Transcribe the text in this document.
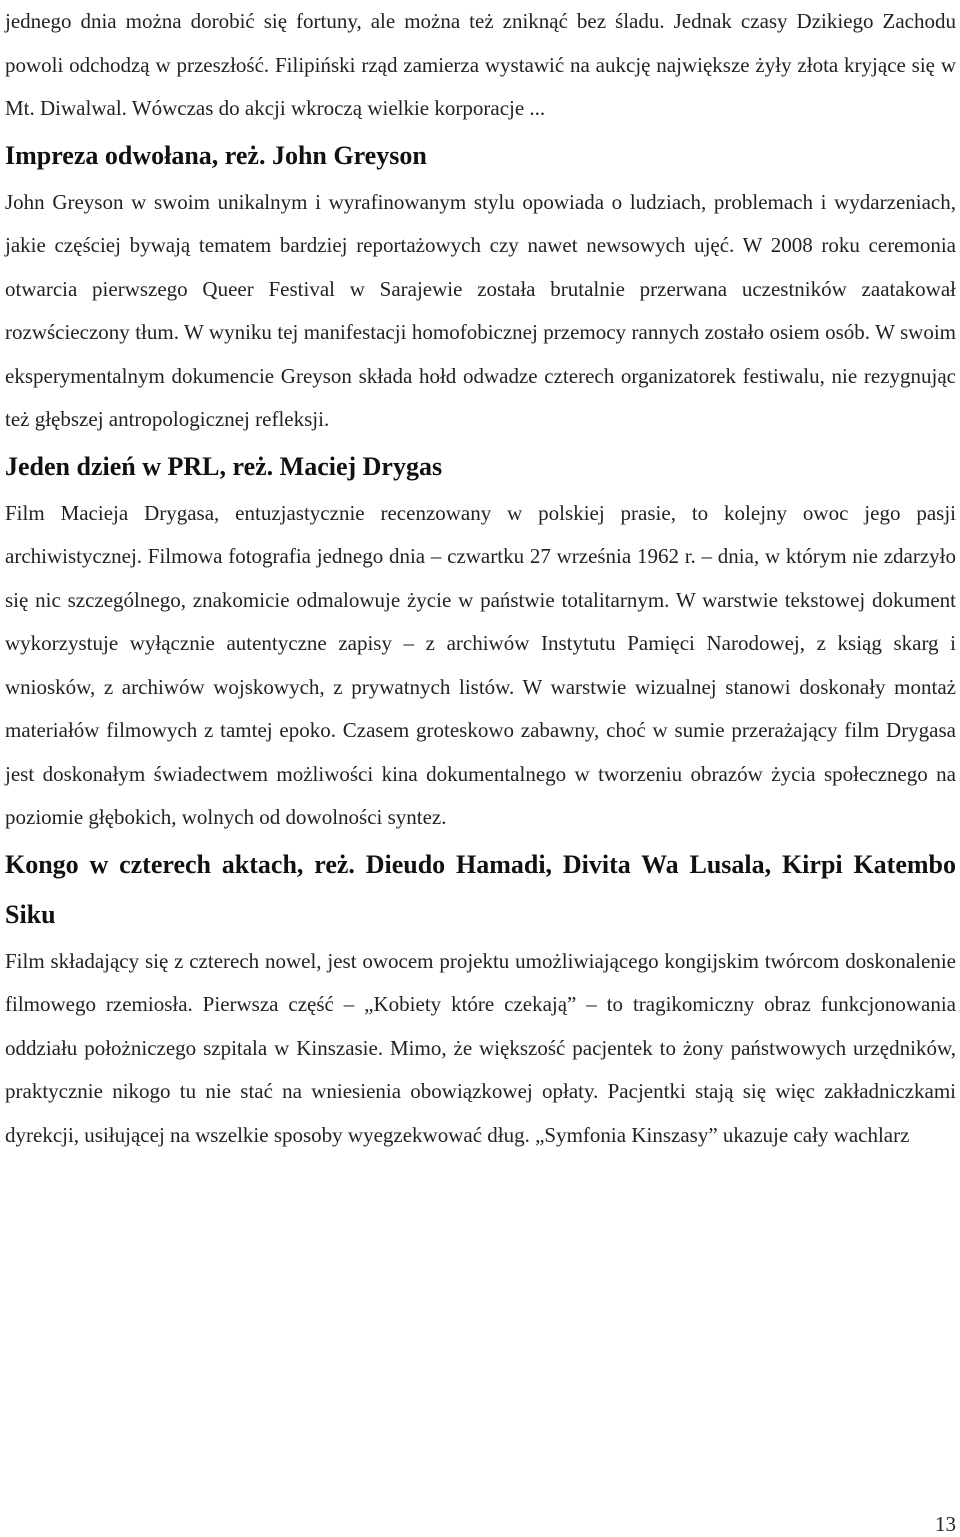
jednego dnia można dorobić się fortuny, ale można też zniknąć bez śladu. Jednak czasy Dzikiego Zachodu powoli odchodzą w przeszłość. Filipiński rząd zamierza wystawić na aukcję największe żyły złota kryjące się w Mt. Diwalwal. Wówczas do akcji wkroczą wielkie korporacje ...

Impreza odwołana, reż. John Greyson

John Greyson w swoim unikalnym i wyrafinowanym stylu opowiada o ludziach, problemach i wydarzeniach, jakie częściej bywają tematem bardziej reportażowych czy nawet newsowych ujęć. W 2008 roku ceremonia otwarcia pierwszego Queer Festival w Sarajewie została brutalnie przerwana uczestników zaatakował rozwścieczony tłum. W wyniku tej manifestacji homofobicznej przemocy rannych zostało osiem osób. W swoim eksperymentalnym dokumencie Greyson składa hołd odwadze czterech organizatorek festiwalu, nie rezygnując też głębszej antropologicznej refleksji.

Jeden dzień w PRL, reż. Maciej Drygas

Film Macieja Drygasa, entuzjastycznie recenzowany w polskiej prasie, to kolejny owoc jego pasji archiwistycznej. Filmowa fotografia jednego dnia – czwartku 27 września 1962 r. – dnia, w którym nie zdarzyło się nic szczególnego, znakomicie odmalowuje życie w państwie totalitarnym. W warstwie tekstowej dokument wykorzystuje wyłącznie autentyczne zapisy – z archiwów Instytutu Pamięci Narodowej, z ksiąg skarg i wniosków, z archiwów wojskowych, z prywatnych listów. W warstwie wizualnej stanowi doskonały montaż materiałów filmowych z tamtej epoko. Czasem groteskowo zabawny, choć w sumie przerażający film Drygasa jest doskonałym świadectwem możliwości kina dokumentalnego w tworzeniu obrazów życia społecznego na poziomie głębokich, wolnych od dowolności syntez.

Kongo w czterech aktach, reż. Dieudo Hamadi, Divita Wa Lusala, Kirpi Katembo Siku

Film składający się z czterech nowel, jest owocem projektu umożliwiającego kongijskim twórcom doskonalenie filmowego rzemiosła. Pierwsza część – „Kobiety które czekają” – to tragikomiczny obraz funkcjonowania oddziału położniczego szpitala w Kinszasie. Mimo, że większość pacjentek to żony państwowych urzędników, praktycznie nikogo tu nie stać na wniesienia obowiązkowej opłaty. Pacjentki stają się więc zakładniczkami dyrekcji, usiłującej na wszelkie sposoby wyegzekwować dług. „Symfonia Kinszasy” ukazuje cały wachlarz

13
